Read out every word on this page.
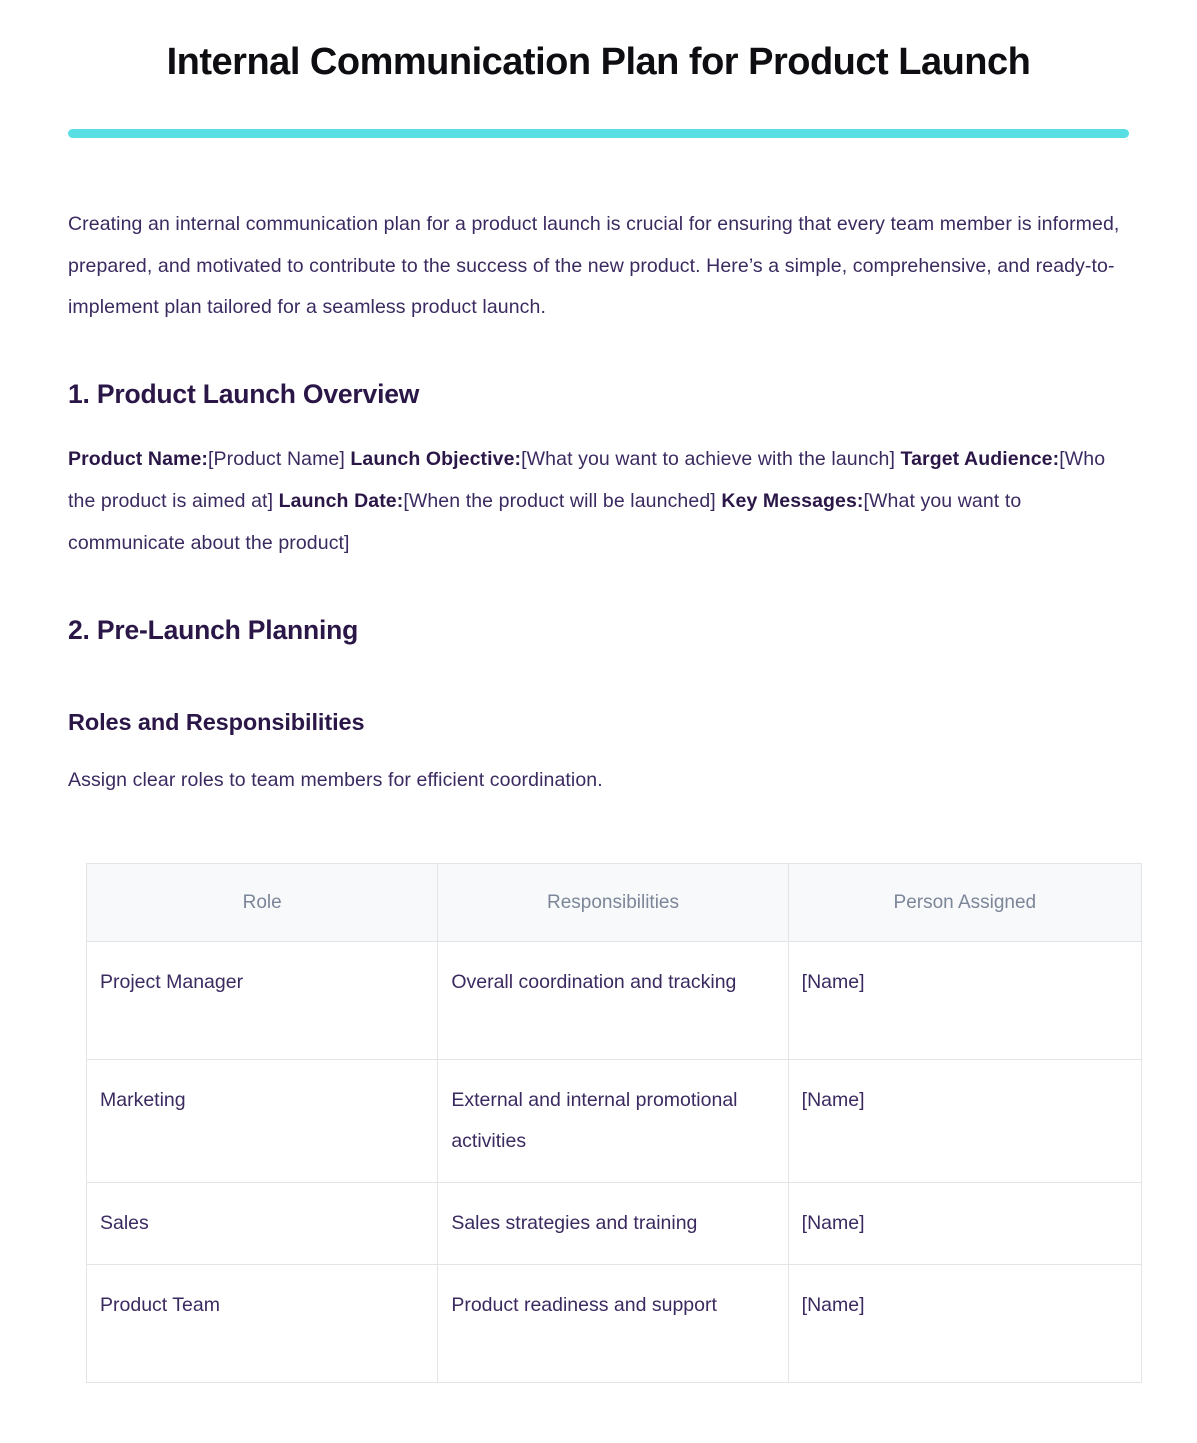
Internal Communication Plan for Product Launch

Creating an internal communication plan for a product launch is crucial for ensuring that every team member is informed, prepared, and motivated to contribute to the success of the new product. Here’s a simple, comprehensive, and ready-to-implement plan tailored for a seamless product launch.

1. Product Launch Overview

Product Name:[Product Name] Launch Objective:[What you want to achieve with the launch] Target Audience:[Who the product is aimed at] Launch Date:[When the product will be launched] Key Messages:[What you want to communicate about the product]

2. Pre-Launch Planning
Roles and Responsibilities

Assign clear roles to team members for efficient coordination.

Role	Responsibilities	Person Assigned
Project Manager	Overall coordination and tracking	[Name]
Marketing	External and internal promotional activities	[Name]
Sales	Sales strategies and training	[Name]
Product Team	Product readiness and support	[Name]
